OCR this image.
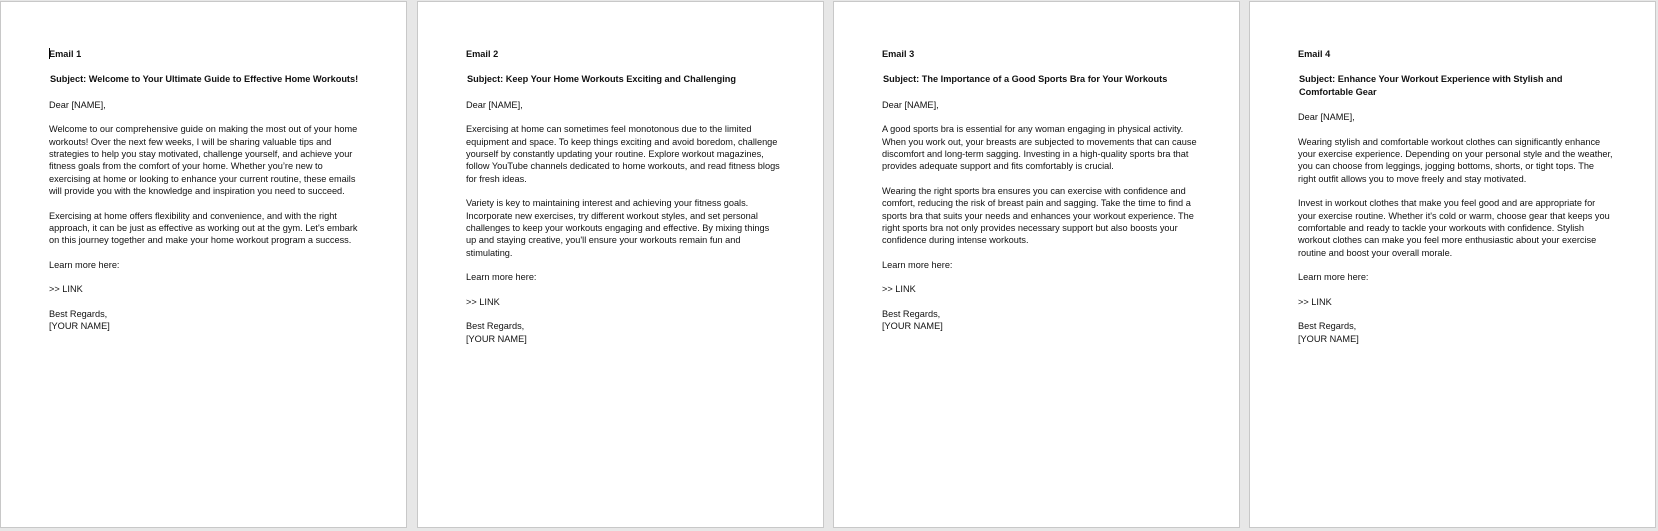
Email 1
Subject: Welcome to Your Ultimate Guide to Effective Home Workouts!
Dear [NAME],
Welcome to our comprehensive guide on making the most out of your home workouts! Over the next few weeks, I will be sharing valuable tips and strategies to help you stay motivated, challenge yourself, and achieve your fitness goals from the comfort of your home. Whether you’re new to exercising at home or looking to enhance your current routine, these emails will provide you with the knowledge and inspiration you need to succeed.
Exercising at home offers flexibility and convenience, and with the right approach, it can be just as effective as working out at the gym. Let's embark on this journey together and make your home workout program a success.
Learn more here:
>> LINK
Best Regards,
[YOUR NAME]
Email 2
Subject: Keep Your Home Workouts Exciting and Challenging
Dear [NAME],
Exercising at home can sometimes feel monotonous due to the limited equipment and space. To keep things exciting and avoid boredom, challenge yourself by constantly updating your routine. Explore workout magazines, follow YouTube channels dedicated to home workouts, and read fitness blogs for fresh ideas.
Variety is key to maintaining interest and achieving your fitness goals. Incorporate new exercises, try different workout styles, and set personal challenges to keep your workouts engaging and effective. By mixing things up and staying creative, you'll ensure your workouts remain fun and stimulating.
Learn more here:
>> LINK
Best Regards,
[YOUR NAME]
Email 3
Subject: The Importance of a Good Sports Bra for Your Workouts
Dear [NAME],
A good sports bra is essential for any woman engaging in physical activity. When you work out, your breasts are subjected to movements that can cause discomfort and long-term sagging. Investing in a high-quality sports bra that provides adequate support and fits comfortably is crucial.
Wearing the right sports bra ensures you can exercise with confidence and comfort, reducing the risk of breast pain and sagging. Take the time to find a sports bra that suits your needs and enhances your workout experience. The right sports bra not only provides necessary support but also boosts your confidence during intense workouts.
Learn more here:
>> LINK
Best Regards,
[YOUR NAME]
Email 4
Subject: Enhance Your Workout Experience with Stylish and Comfortable Gear
Dear [NAME],
Wearing stylish and comfortable workout clothes can significantly enhance your exercise experience. Depending on your personal style and the weather, you can choose from leggings, jogging bottoms, shorts, or tight tops. The right outfit allows you to move freely and stay motivated.
Invest in workout clothes that make you feel good and are appropriate for your exercise routine. Whether it's cold or warm, choose gear that keeps you comfortable and ready to tackle your workouts with confidence. Stylish workout clothes can make you feel more enthusiastic about your exercise routine and boost your overall morale.
Learn more here:
>> LINK
Best Regards,
[YOUR NAME]
